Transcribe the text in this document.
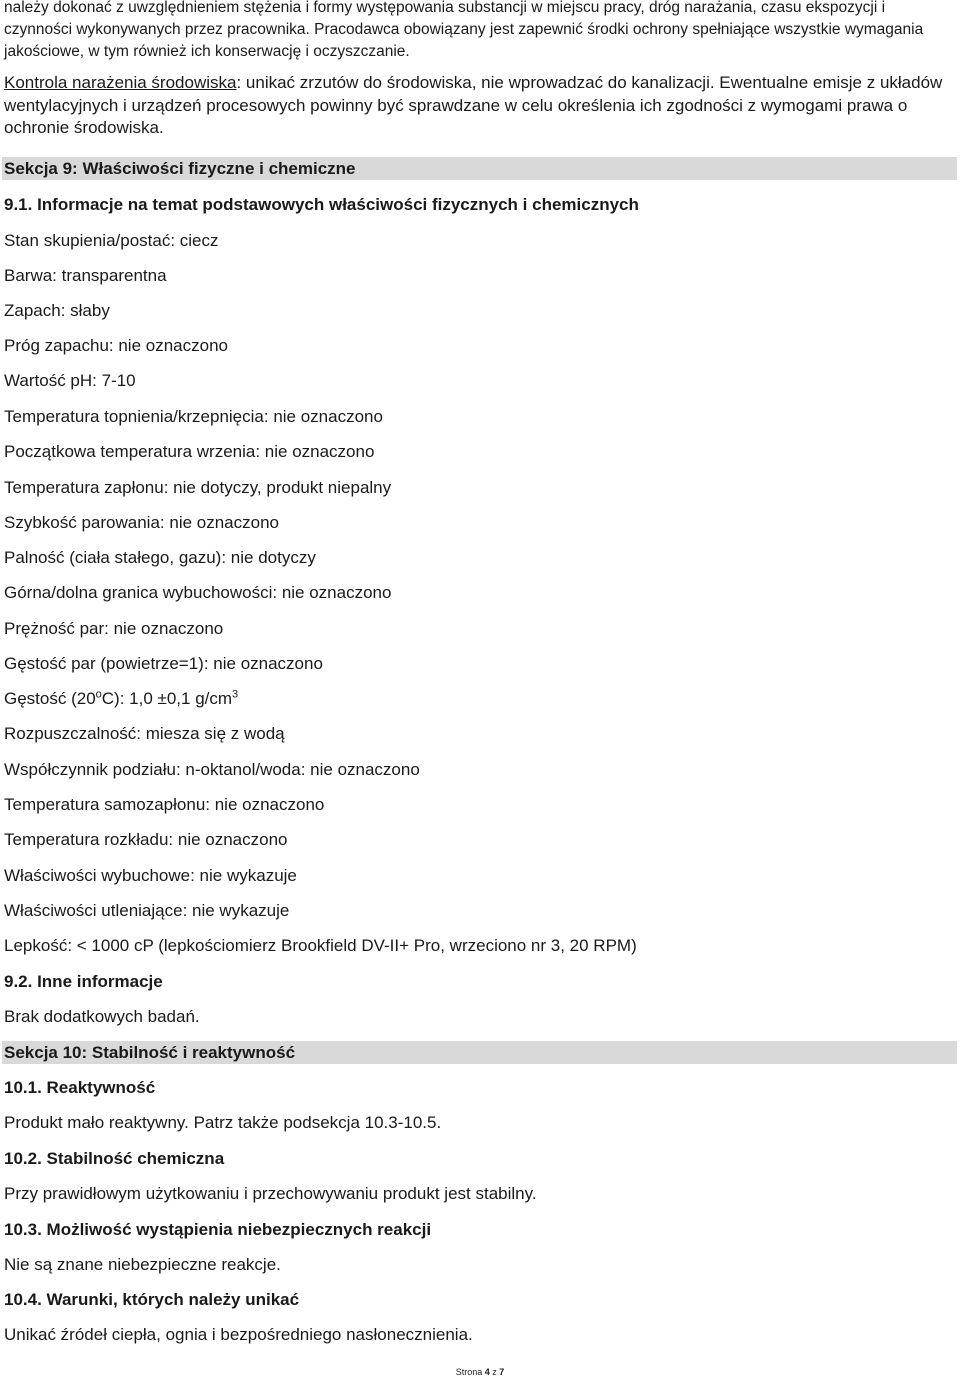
należy dokonać z uwzględnieniem stężenia i formy występowania substancji w miejscu pracy, dróg narażania, czasu ekspozycji i czynności wykonywanych przez pracownika. Pracodawca obowiązany jest zapewnić środki ochrony spełniające wszystkie wymagania jakościowe, w tym również ich konserwację i oczyszczanie.

Kontrola narażenia środowiska: unikać zrzutów do środowiska, nie wprowadzać do kanalizacji. Ewentualne emisje z układów wentylacyjnych i urządzeń procesowych powinny być sprawdzane w celu określenia ich zgodności z wymogami prawa o ochronie środowiska.

Sekcja 9: Właściwości fizyczne i chemiczne
9.1. Informacje na temat podstawowych właściwości fizycznych i chemicznych
Stan skupienia/postać: ciecz
Barwa: transparentna
Zapach: słaby
Próg zapachu: nie oznaczono
Wartość pH: 7-10
Temperatura topnienia/krzepnięcia: nie oznaczono
Początkowa temperatura wrzenia: nie oznaczono
Temperatura zapłonu: nie dotyczy, produkt niepalny
Szybkość parowania: nie oznaczono
Palność (ciała stałego, gazu): nie dotyczy
Górna/dolna granica wybuchowości: nie oznaczono
Prężność par: nie oznaczono
Gęstość par (powietrze=1): nie oznaczono
Gęstość (20$^o$C): 1,0 ±0,1 $g/cm^3$
Rozpuszczalność: miesza się z wodą
Współczynnik podziału: n-oktanol/woda: nie oznaczono
Temperatura samozapłonu: nie oznaczono
Temperatura rozkładu: nie oznaczono
Właściwości wybuchowe: nie wykazuje
Właściwości utleniające: nie wykazuje
Lepkość: < 1000 cP (lepkościomierz Brookfield DV-II+ Pro, wrzeciono nr 3, 20 RPM)
9.2. Inne informacje
Brak dodatkowych badań.
Sekcja 10: Stabilność i reaktywność
10.1. Reaktywność
Produkt mało reaktywny. Patrz także podsekcja 10.3-10.5.
10.2. Stabilność chemiczna
Przy prawidłowym użytkowaniu i przechowywaniu produkt jest stabilny.
10.3. Możliwość wystąpienia niebezpiecznych reakcji
Nie są znane niebezpieczne reakcje.
10.4. Warunki, których należy unikać
Unikać źródeł ciepła, ognia i bezpośredniego nasłonecznienia.
Strona 4 z 7
